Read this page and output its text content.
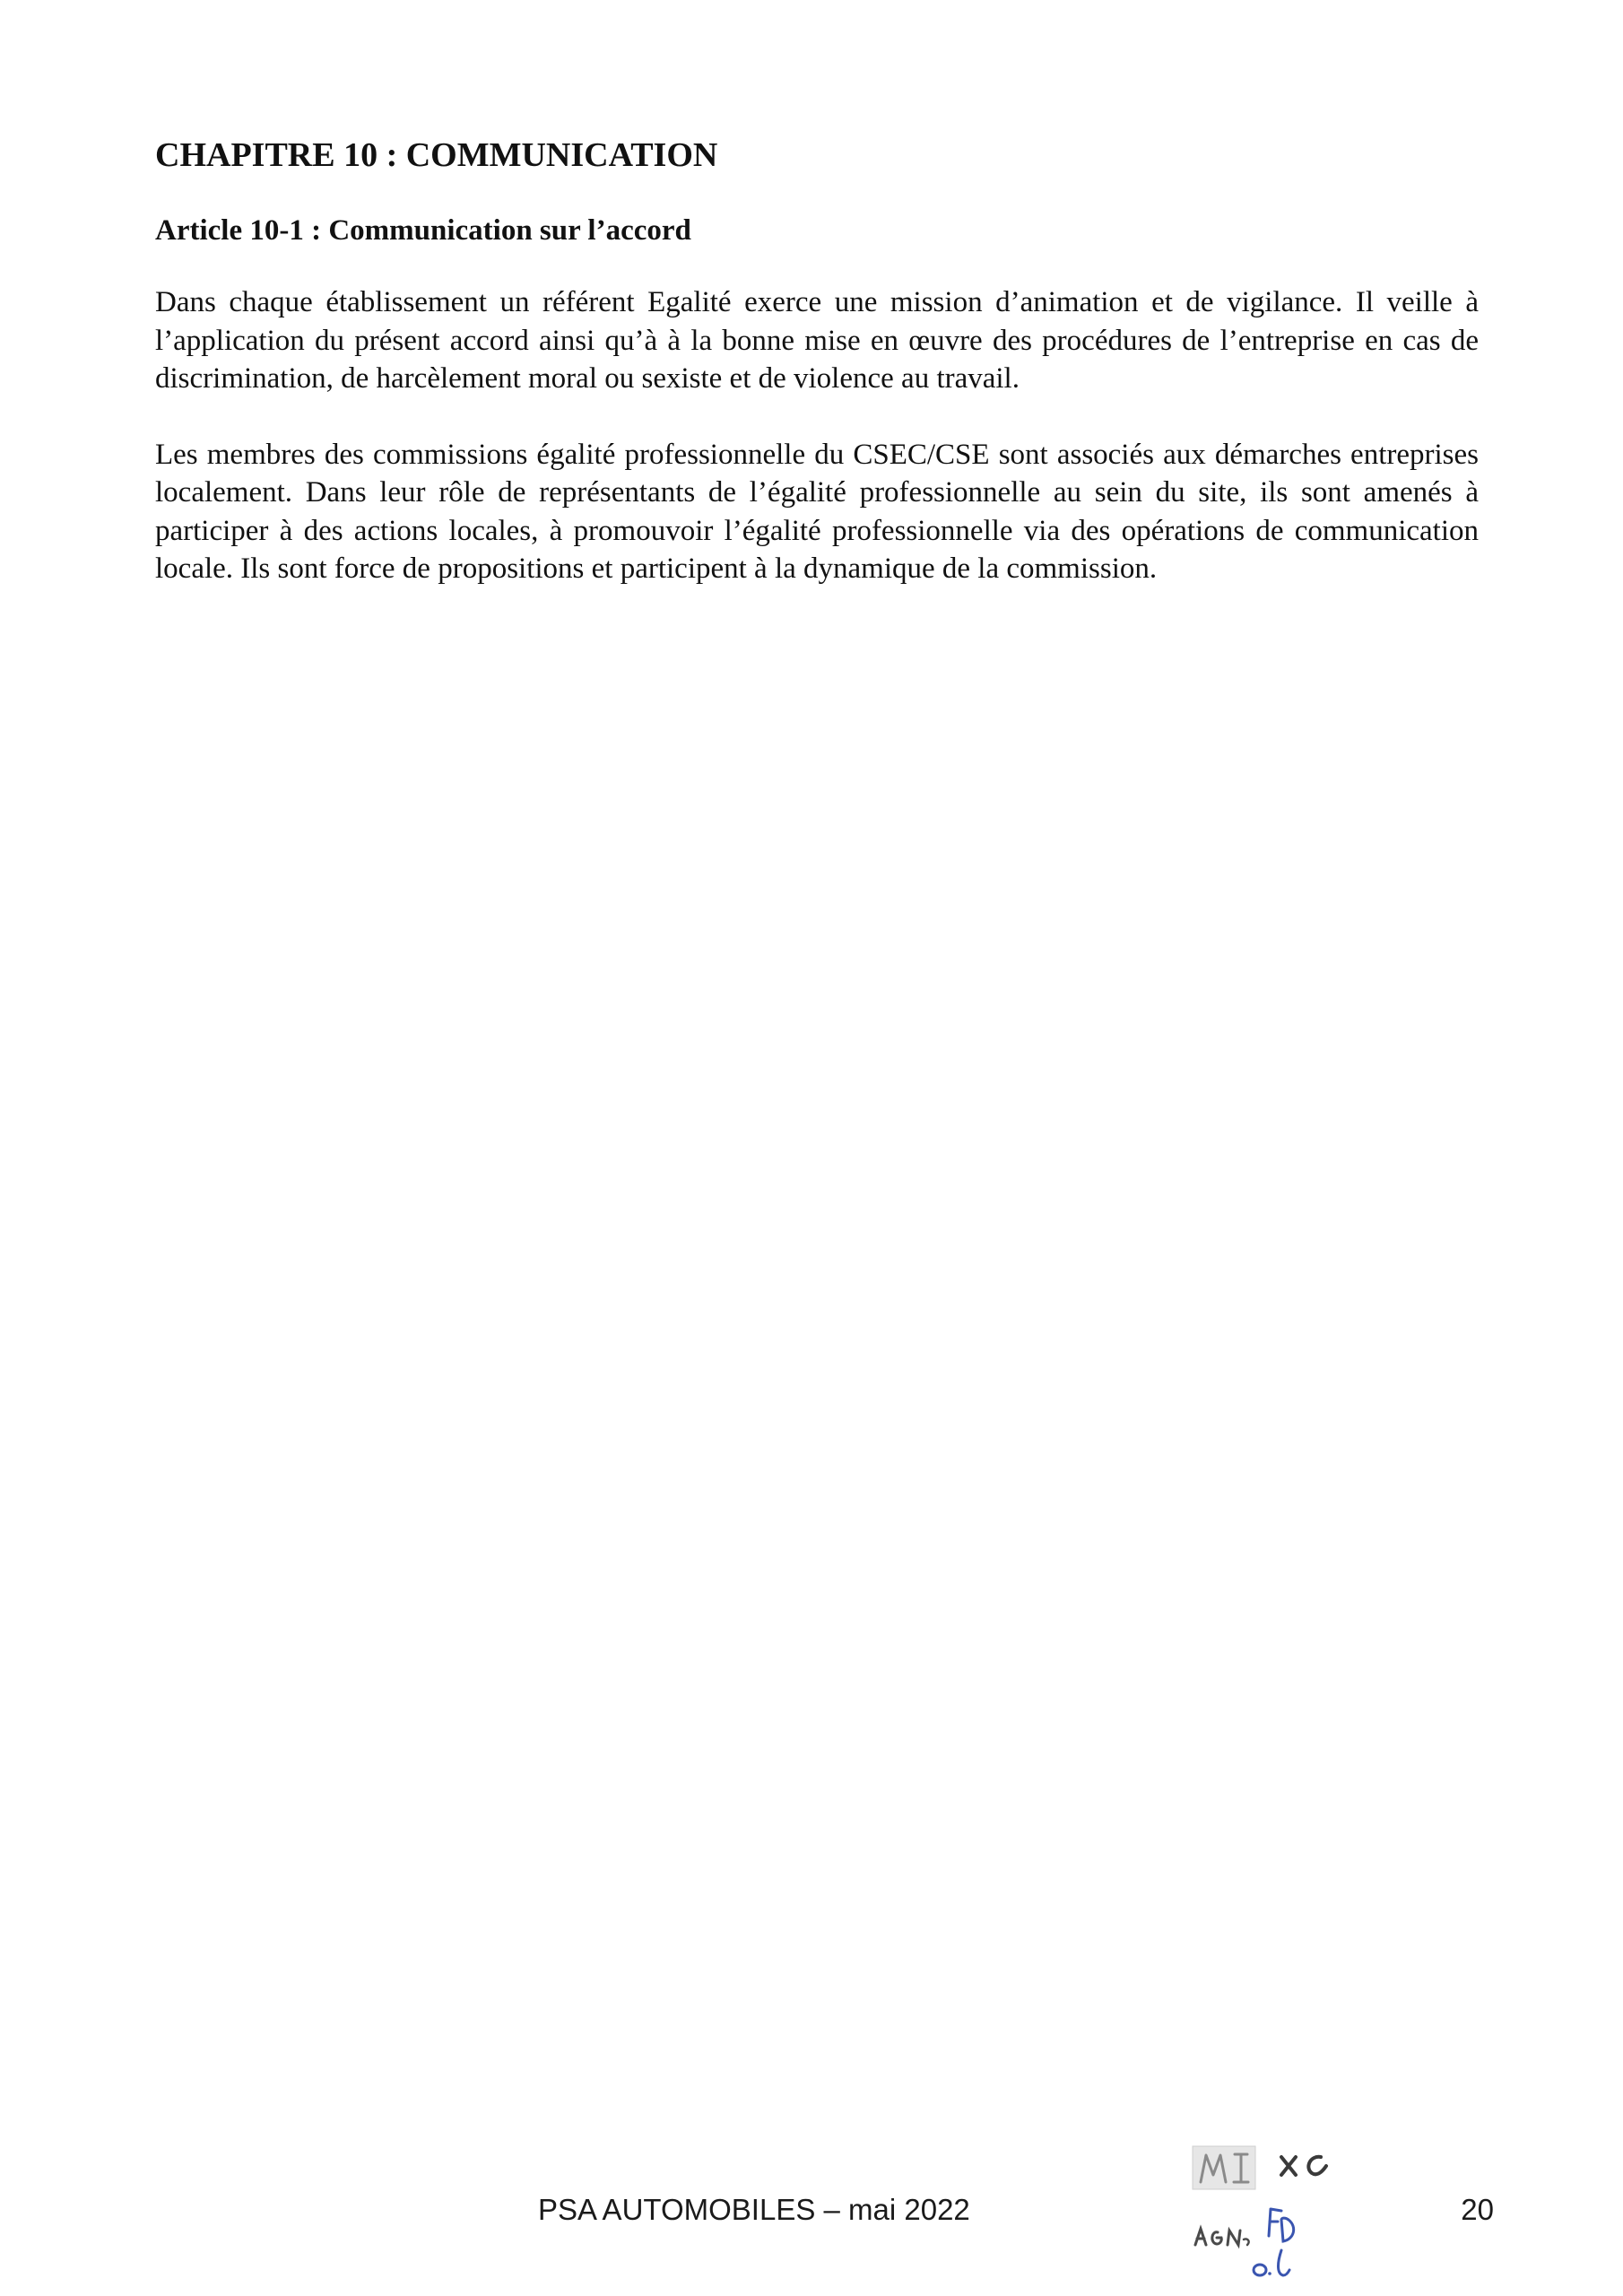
CHAPITRE 10 : COMMUNICATION
Article 10-1 : Communication sur l’accord

Dans chaque établissement un référent Egalité exerce une mission d’animation et de vigilance. Il veille à l’application du présent accord ainsi qu’à à la bonne mise en œuvre des procédures de l’entreprise en cas de discrimination, de harcèlement moral ou sexiste et de violence au travail.

Les membres des commissions égalité professionnelle du CSEC/CSE sont associés aux démarches entreprises localement. Dans leur rôle de représentants de l’égalité professionnelle au sein du site, ils sont amenés à participer à des actions locales, à promouvoir l’égalité professionnelle via des opérations de communication locale. Ils sont force de propositions et participent à la dynamique de la commission.

PSA AUTOMOBILES – mai 2022	20
